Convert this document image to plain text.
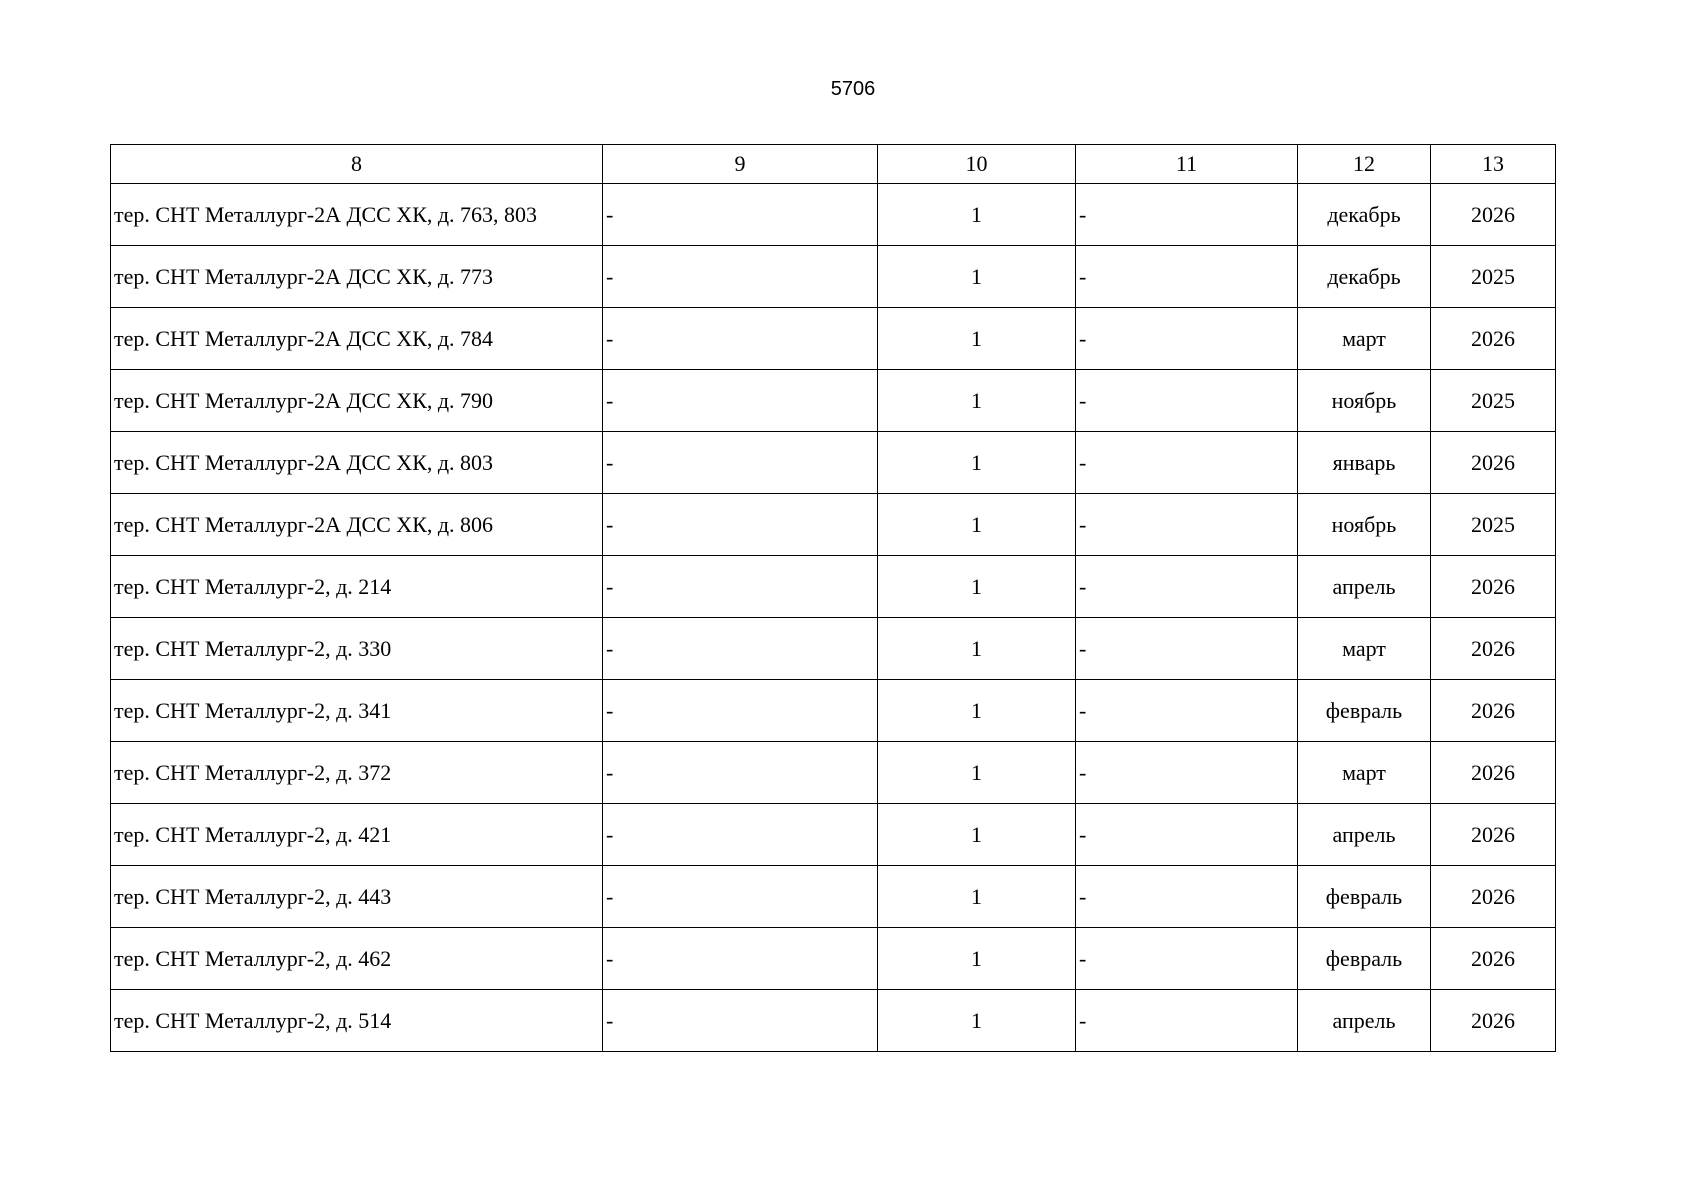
5706
8	9	10	11	12	13
тер. СНТ Металлург-2А ДСС ХК, д. 763, 803	-	1	-	декабрь	2026
тер. СНТ Металлург-2А ДСС ХК, д. 773	-	1	-	декабрь	2025
тер. СНТ Металлург-2А ДСС ХК, д. 784	-	1	-	март	2026
тер. СНТ Металлург-2А ДСС ХК, д. 790	-	1	-	ноябрь	2025
тер. СНТ Металлург-2А ДСС ХК, д. 803	-	1	-	январь	2026
тер. СНТ Металлург-2А ДСС ХК, д. 806	-	1	-	ноябрь	2025
тер. СНТ Металлург-2, д. 214	-	1	-	апрель	2026
тер. СНТ Металлург-2, д. 330	-	1	-	март	2026
тер. СНТ Металлург-2, д. 341	-	1	-	февраль	2026
тер. СНТ Металлург-2, д. 372	-	1	-	март	2026
тер. СНТ Металлург-2, д. 421	-	1	-	апрель	2026
тер. СНТ Металлург-2, д. 443	-	1	-	февраль	2026
тер. СНТ Металлург-2, д. 462	-	1	-	февраль	2026
тер. СНТ Металлург-2, д. 514	-	1	-	апрель	2026
